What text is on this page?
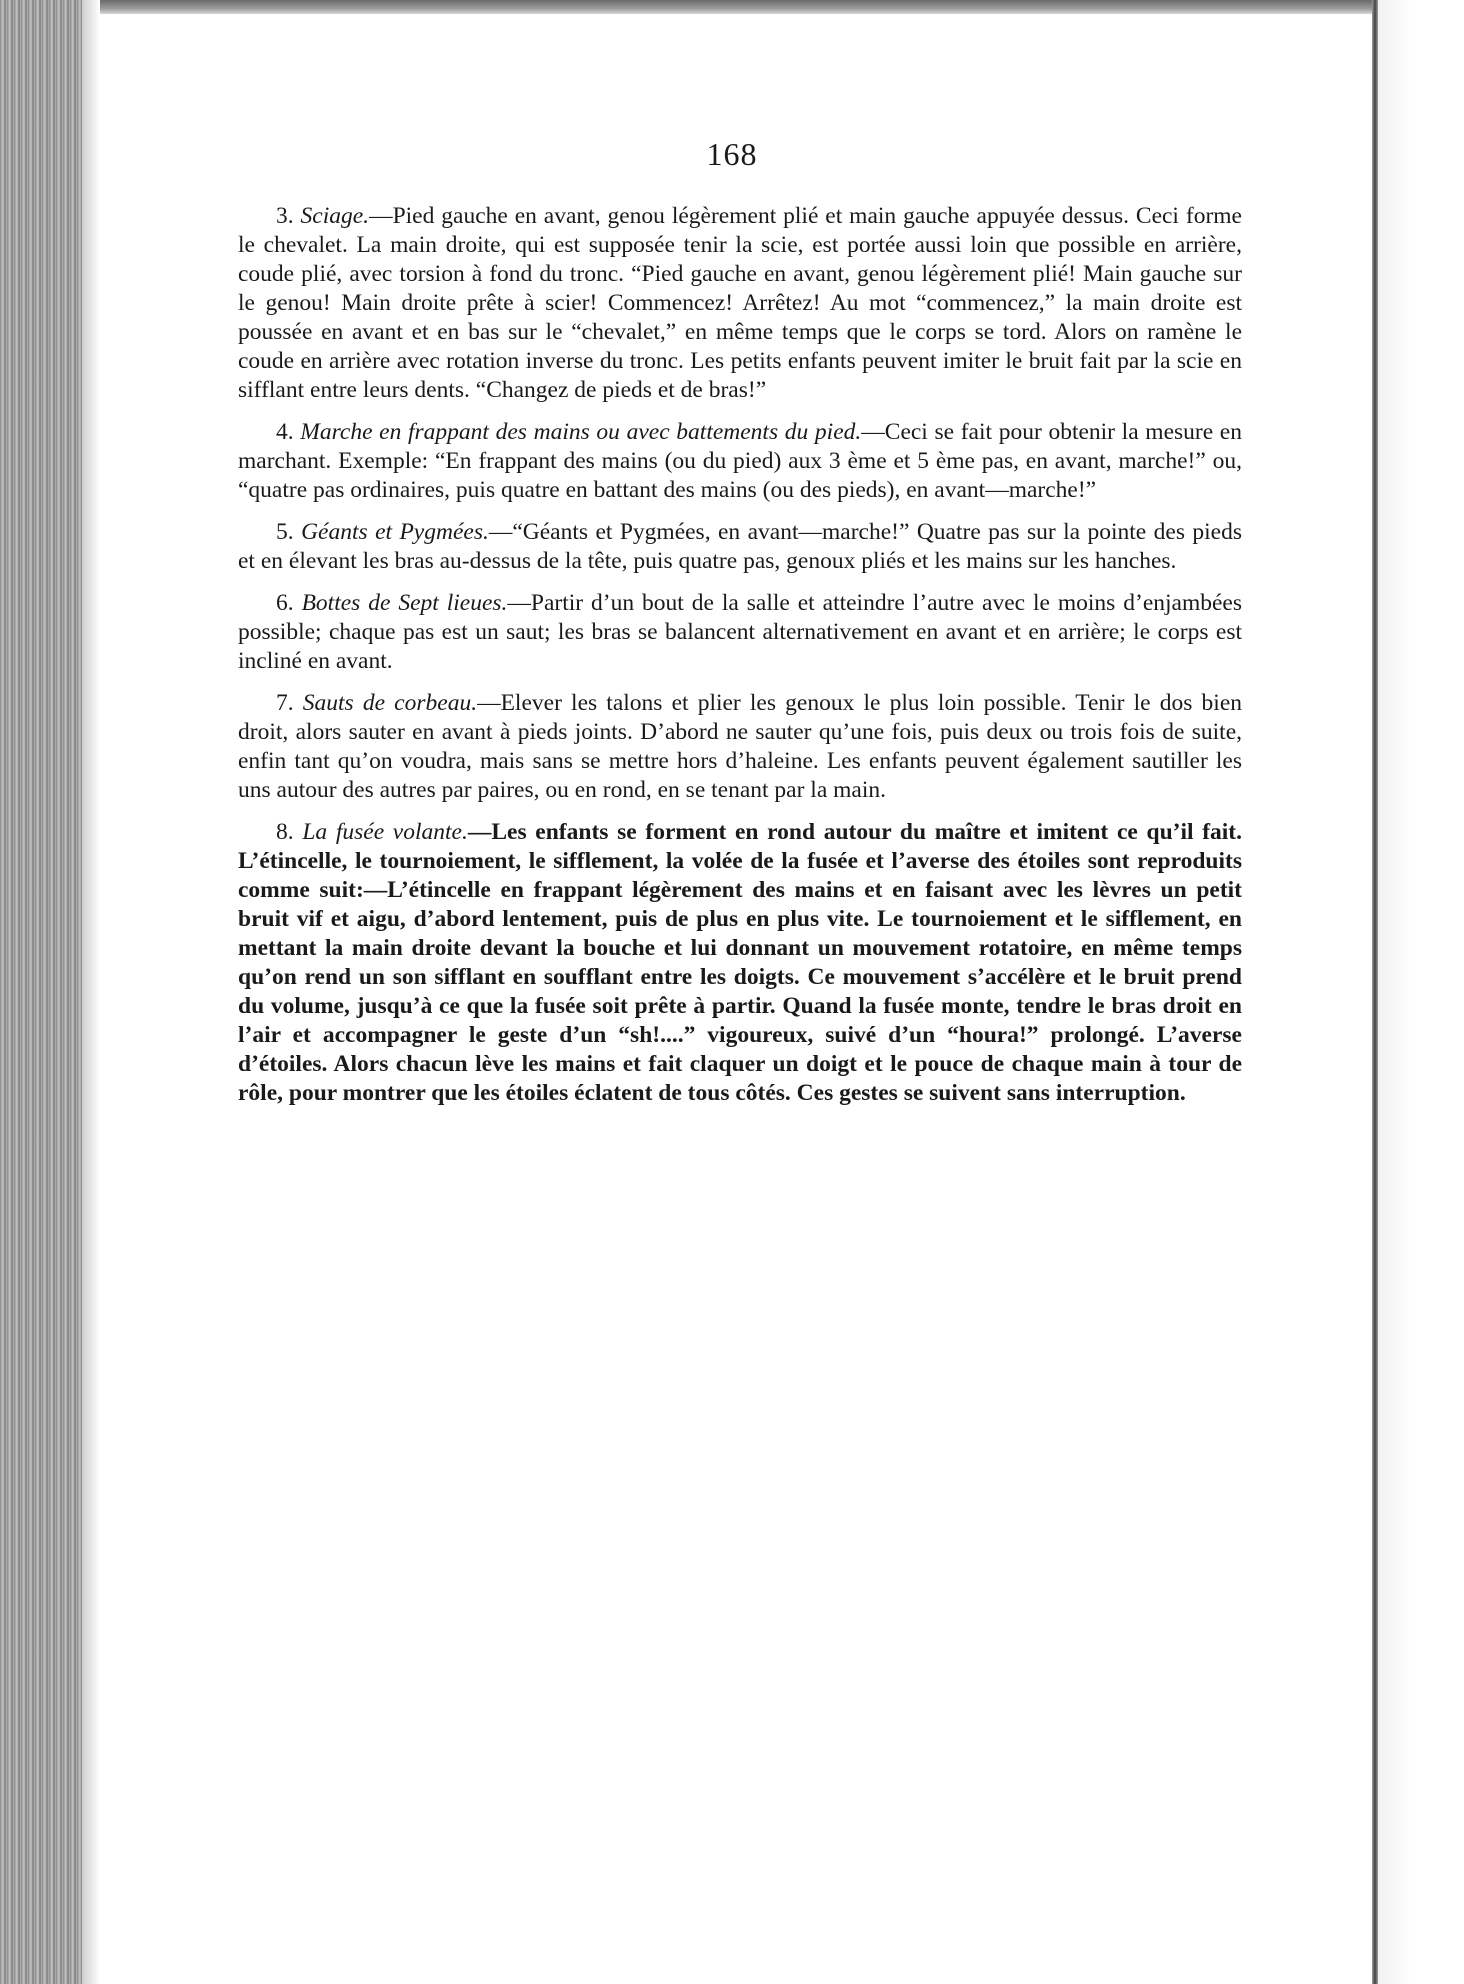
168

3. Sciage.—Pied gauche en avant, genou légèrement plié et main gauche appuyée dessus. Ceci forme le chevalet. La main droite, qui est supposée tenir la scie, est portée aussi loin que possible en arrière, coude plié, avec torsion à fond du tronc. “Pied gauche en avant, genou légèrement plié! Main gauche sur le genou! Main droite prête à scier! Commencez! Arrêtez! Au mot “commencez,” la main droite est poussée en avant et en bas sur le “chevalet,” en même temps que le corps se tord. Alors on ramène le coude en arrière avec rotation inverse du tronc. Les petits enfants peuvent imiter le bruit fait par la scie en sifflant entre leurs dents. “Changez de pieds et de bras!”

4. Marche en frappant des mains ou avec battements du pied.—Ceci se fait pour obtenir la mesure en marchant. Exemple: “En frappant des mains (ou du pied) aux 3 ème et 5 ème pas, en avant, marche!” ou, “quatre pas ordinaires, puis quatre en battant des mains (ou des pieds), en avant—marche!”

5. Géants et Pygmées.—“Géants et Pygmées, en avant—marche!” Quatre pas sur la pointe des pieds et en élevant les bras au-dessus de la tête, puis quatre pas, genoux pliés et les mains sur les hanches.

6. Bottes de Sept lieues.—Partir d’un bout de la salle et atteindre l’autre avec le moins d’enjambées possible; chaque pas est un saut; les bras se balancent alternativement en avant et en arrière; le corps est incliné en avant.

7. Sauts de corbeau.—Elever les talons et plier les genoux le plus loin possible. Tenir le dos bien droit, alors sauter en avant à pieds joints. D’abord ne sauter qu’une fois, puis deux ou trois fois de suite, enfin tant qu’on voudra, mais sans se mettre hors d’haleine. Les enfants peuvent également sautiller les uns autour des autres par paires, ou en rond, en se tenant par la main.

8. La fusée volante.—Les enfants se forment en rond autour du maître et imitent ce qu’il fait. L’étincelle, le tournoiement, le sifflement, la volée de la fusée et l’averse des étoiles sont reproduits comme suit:—L’étincelle en frappant légèrement des mains et en faisant avec les lèvres un petit bruit vif et aigu, d’abord lentement, puis de plus en plus vite. Le tournoiement et le sifflement, en mettant la main droite devant la bouche et lui donnant un mouvement rotatoire, en même temps qu’on rend un son sifflant en soufflant entre les doigts. Ce mouvement s’accélère et le bruit prend du volume, jusqu’à ce que la fusée soit prête à partir. Quand la fusée monte, tendre le bras droit en l’air et accompagner le geste d’un “sh!....” vigoureux, suivé d’un “houra!” prolongé. L’averse d’étoiles. Alors chacun lève les mains et fait claquer un doigt et le pouce de chaque main à tour de rôle, pour montrer que les étoiles éclatent de tous côtés. Ces gestes se suivent sans interruption.
